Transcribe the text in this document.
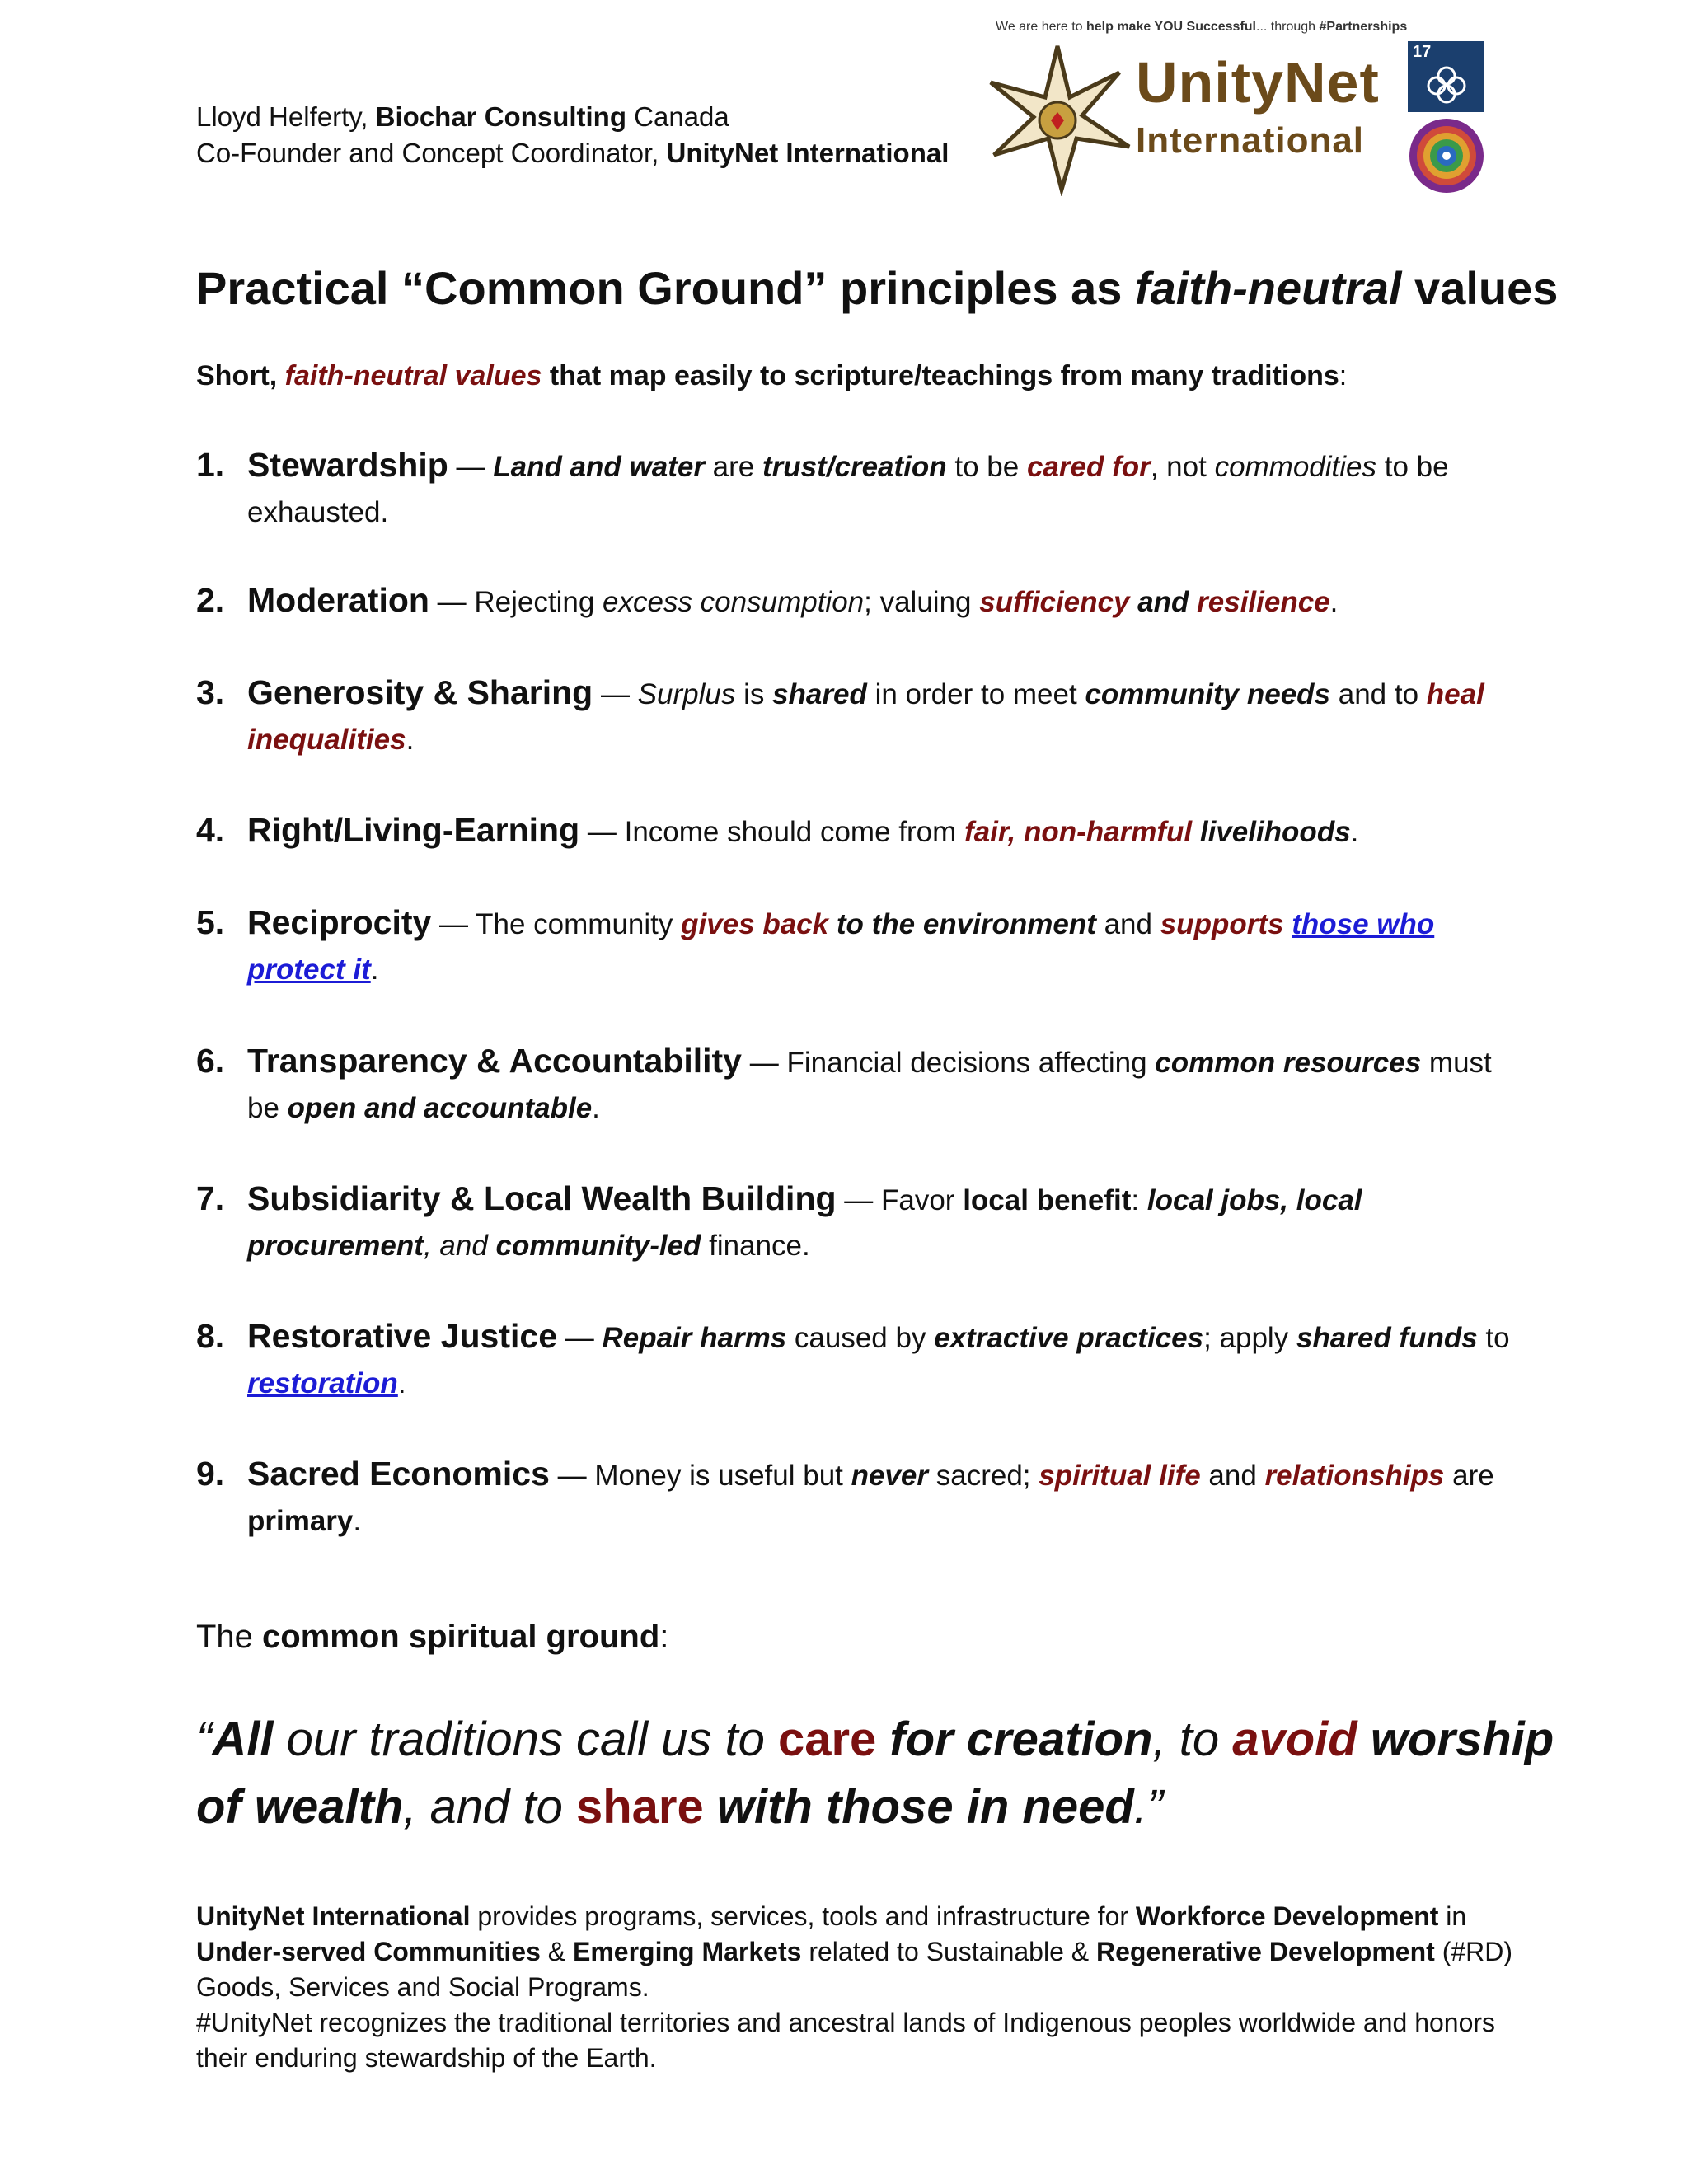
Lloyd Helferty, Biochar Consulting Canada
Co-Founder and Concept Coordinator, UnityNet International
We are here to help make YOU Successful... through #Partnerships
UnityNet
International
17
Practical “Common Ground” principles as faith-neutral values
Short, faith-neutral values that map easily to scripture/teachings from many traditions:
1. Stewardship — Land and water are trust/creation to be cared for, not commodities to be exhausted.
2. Moderation — Rejecting excess consumption; valuing sufficiency and resilience.
3. Generosity & Sharing — Surplus is shared in order to meet community needs and to heal inequalities.
4. Right/Living-Earning — Income should come from fair, non-harmful livelihoods.
5. Reciprocity — The community gives back to the environment and supports those who protect it.
6. Transparency & Accountability — Financial decisions affecting common resources must be open and accountable.
7. Subsidiarity & Local Wealth Building — Favor local benefit: local jobs, local procurement, and community-led finance.
8. Restorative Justice — Repair harms caused by extractive practices; apply shared funds to restoration.
9. Sacred Economics — Money is useful but never sacred; spiritual life and relationships are primary.
The common spiritual ground:
“All our traditions call us to care for creation, to avoid worship of wealth, and to share with those in need.”
UnityNet International provides programs, services, tools and infrastructure for Workforce Development in Under-served Communities & Emerging Markets related to Sustainable & Regenerative Development (#RD) Goods, Services and Social Programs.
#UnityNet recognizes the traditional territories and ancestral lands of Indigenous peoples worldwide and honors their enduring stewardship of the Earth.
